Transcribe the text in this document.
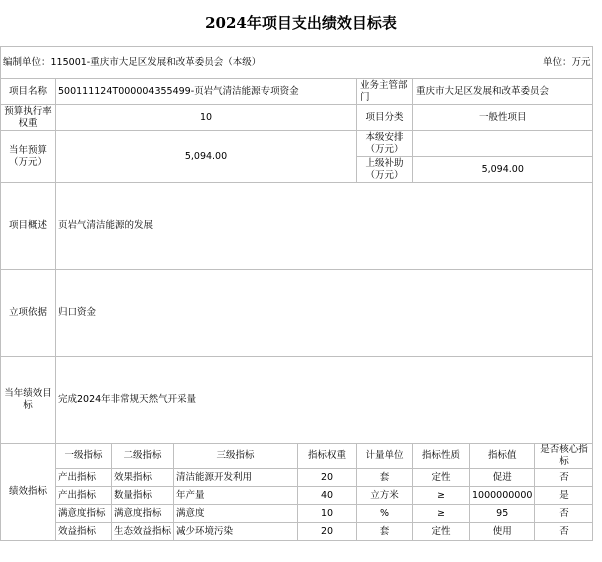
2024年项目支出绩效目标表
编制单位：115001-重庆市大足区发展和改革委员会（本级）						单位：万元		
项目名称	500111124T000004355499-页岩气清洁能源专项资金				业务主管部门	重庆市大足区发展和改革委员会		
预算执行率权重	10				项目分类	一般性项目		
当年预算（万元）	5,094.00				本级安排（万元）			
					上级补助（万元）	5,094.00		
项目概述	页岩气清洁能源的发展							
立项依据	归口资金							
当年绩效目标	完成2024年非常规天然气开采量							
绩效指标	一级指标	二级指标	三级指标	指标权重	计量单位	指标性质	指标值	是否核心指标
	产出指标	效果指标	清洁能源开发利用	20	套	定性	促进	否
	产出指标	数量指标	年产量	40	立方米	≥	1000000000	是
	满意度指标	满意度指标	满意度	10	%	≥	95	否
	效益指标	生态效益指标	减少环境污染	20	套	定性	使用	否
